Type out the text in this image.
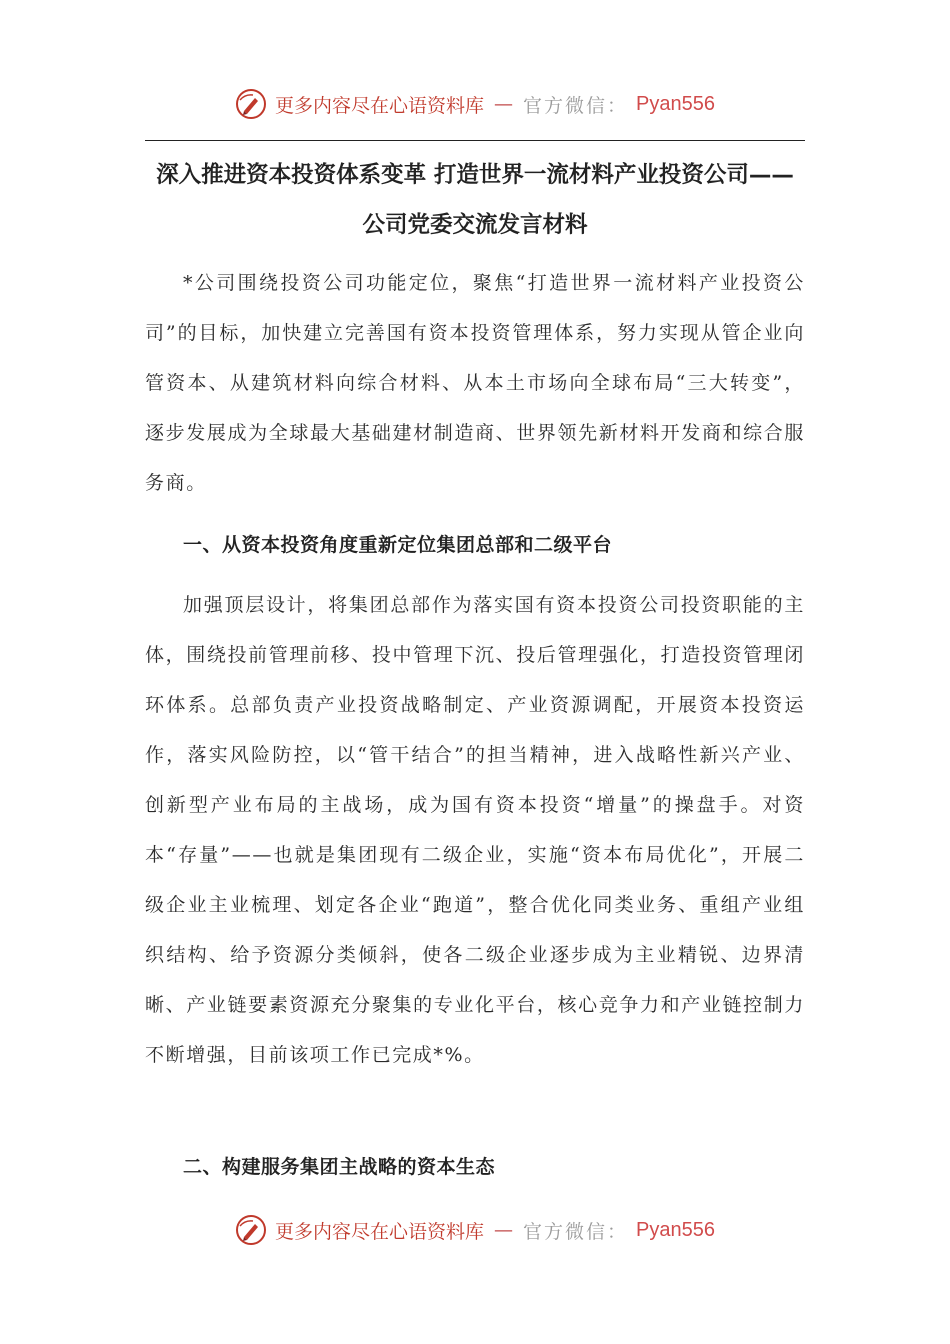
更多内容尽在心语资料库 — 官方微信： Pyan556
深入推进资本投资体系变革 打造世界一流材料产业投资公司——公司党委交流发言材料

*公司围绕投资公司功能定位，聚焦“打造世界一流材料产业投资公司”的目标，加快建立完善国有资本投资管理体系，努力实现从管企业向管资本、从建筑材料向综合材料、从本土市场向全球布局“三大转变”，逐步发展成为全球最大基础建材制造商、世界领先新材料开发商和综合服务商。

一、从资本投资角度重新定位集团总部和二级平台

加强顶层设计，将集团总部作为落实国有资本投资公司投资职能的主体，围绕投前管理前移、投中管理下沉、投后管理强化，打造投资管理闭环体系。总部负责产业投资战略制定、产业资源调配，开展资本投资运作，落实风险防控，以“管干结合”的担当精神，进入战略性新兴产业、创新型产业布局的主战场，成为国有资本投资“增量”的操盘手。对资本“存量”——也就是集团现有二级企业，实施“资本布局优化”，开展二级企业主业梳理、划定各企业“跑道”，整合优化同类业务、重组产业组织结构、给予资源分类倾斜，使各二级企业逐步成为主业精锐、边界清晰、产业链要素资源充分聚集的专业化平台，核心竞争力和产业链控制力不断增强，目前该项工作已完成*%。

二、构建服务集团主战略的资本生态
更多内容尽在心语资料库 — 官方微信： Pyan556
